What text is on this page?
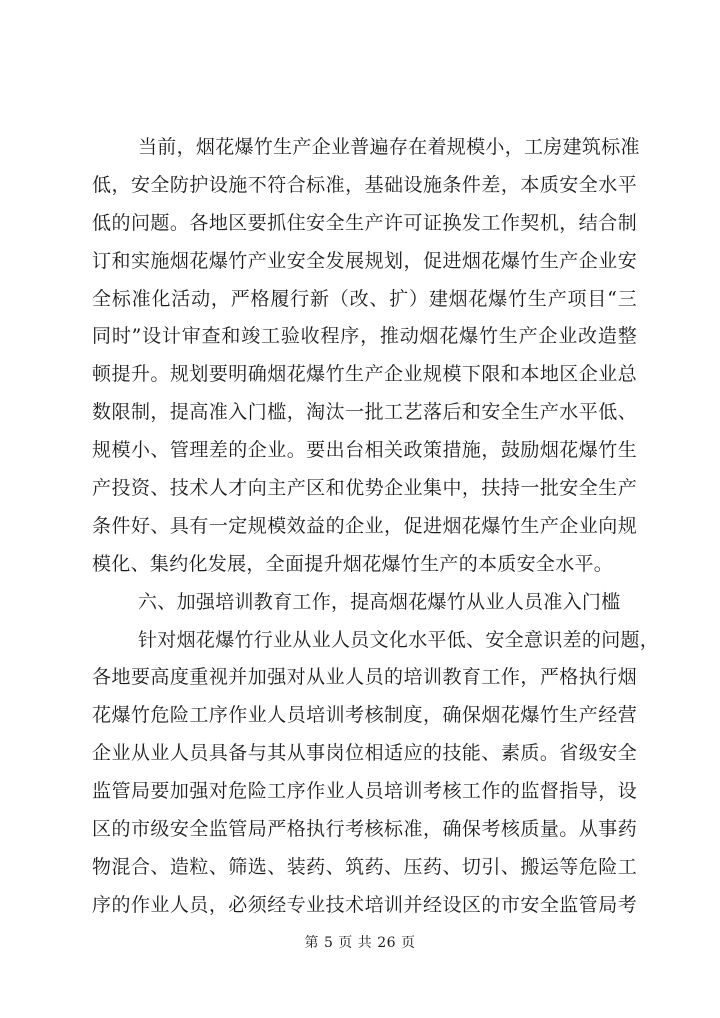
当前，烟花爆竹生产企业普遍存在着规模小，工房建筑标准
低，安全防护设施不符合标准，基础设施条件差，本质安全水平
低的问题。各地区要抓住安全生产许可证换发工作契机，结合制
订和实施烟花爆竹产业安全发展规划，促进烟花爆竹生产企业安
全标准化活动，严格履行新（改、扩）建烟花爆竹生产项目“三
同时”设计审查和竣工验收程序，推动烟花爆竹生产企业改造整
顿提升。规划要明确烟花爆竹生产企业规模下限和本地区企业总
数限制，提高准入门槛，淘汰一批工艺落后和安全生产水平低、
规模小、管理差的企业。要出台相关政策措施，鼓励烟花爆竹生
产投资、技术人才向主产区和优势企业集中，扶持一批安全生产
条件好、具有一定规模效益的企业，促进烟花爆竹生产企业向规
模化、集约化发展，全面提升烟花爆竹生产的本质安全水平。
六、加强培训教育工作，提高烟花爆竹从业人员准入门槛
针对烟花爆竹行业从业人员文化水平低、安全意识差的问题，
各地要高度重视并加强对从业人员的培训教育工作，严格执行烟
花爆竹危险工序作业人员培训考核制度，确保烟花爆竹生产经营
企业从业人员具备与其从事岗位相适应的技能、素质。省级安全
监管局要加强对危险工序作业人员培训考核工作的监督指导，设
区的市级安全监管局严格执行考核标准，确保考核质量。从事药
物混合、造粒、筛选、装药、筑药、压药、切引、搬运等危险工
序的作业人员，必须经专业技术培训并经设区的市安全监管局考
第 5 页 共 26 页
